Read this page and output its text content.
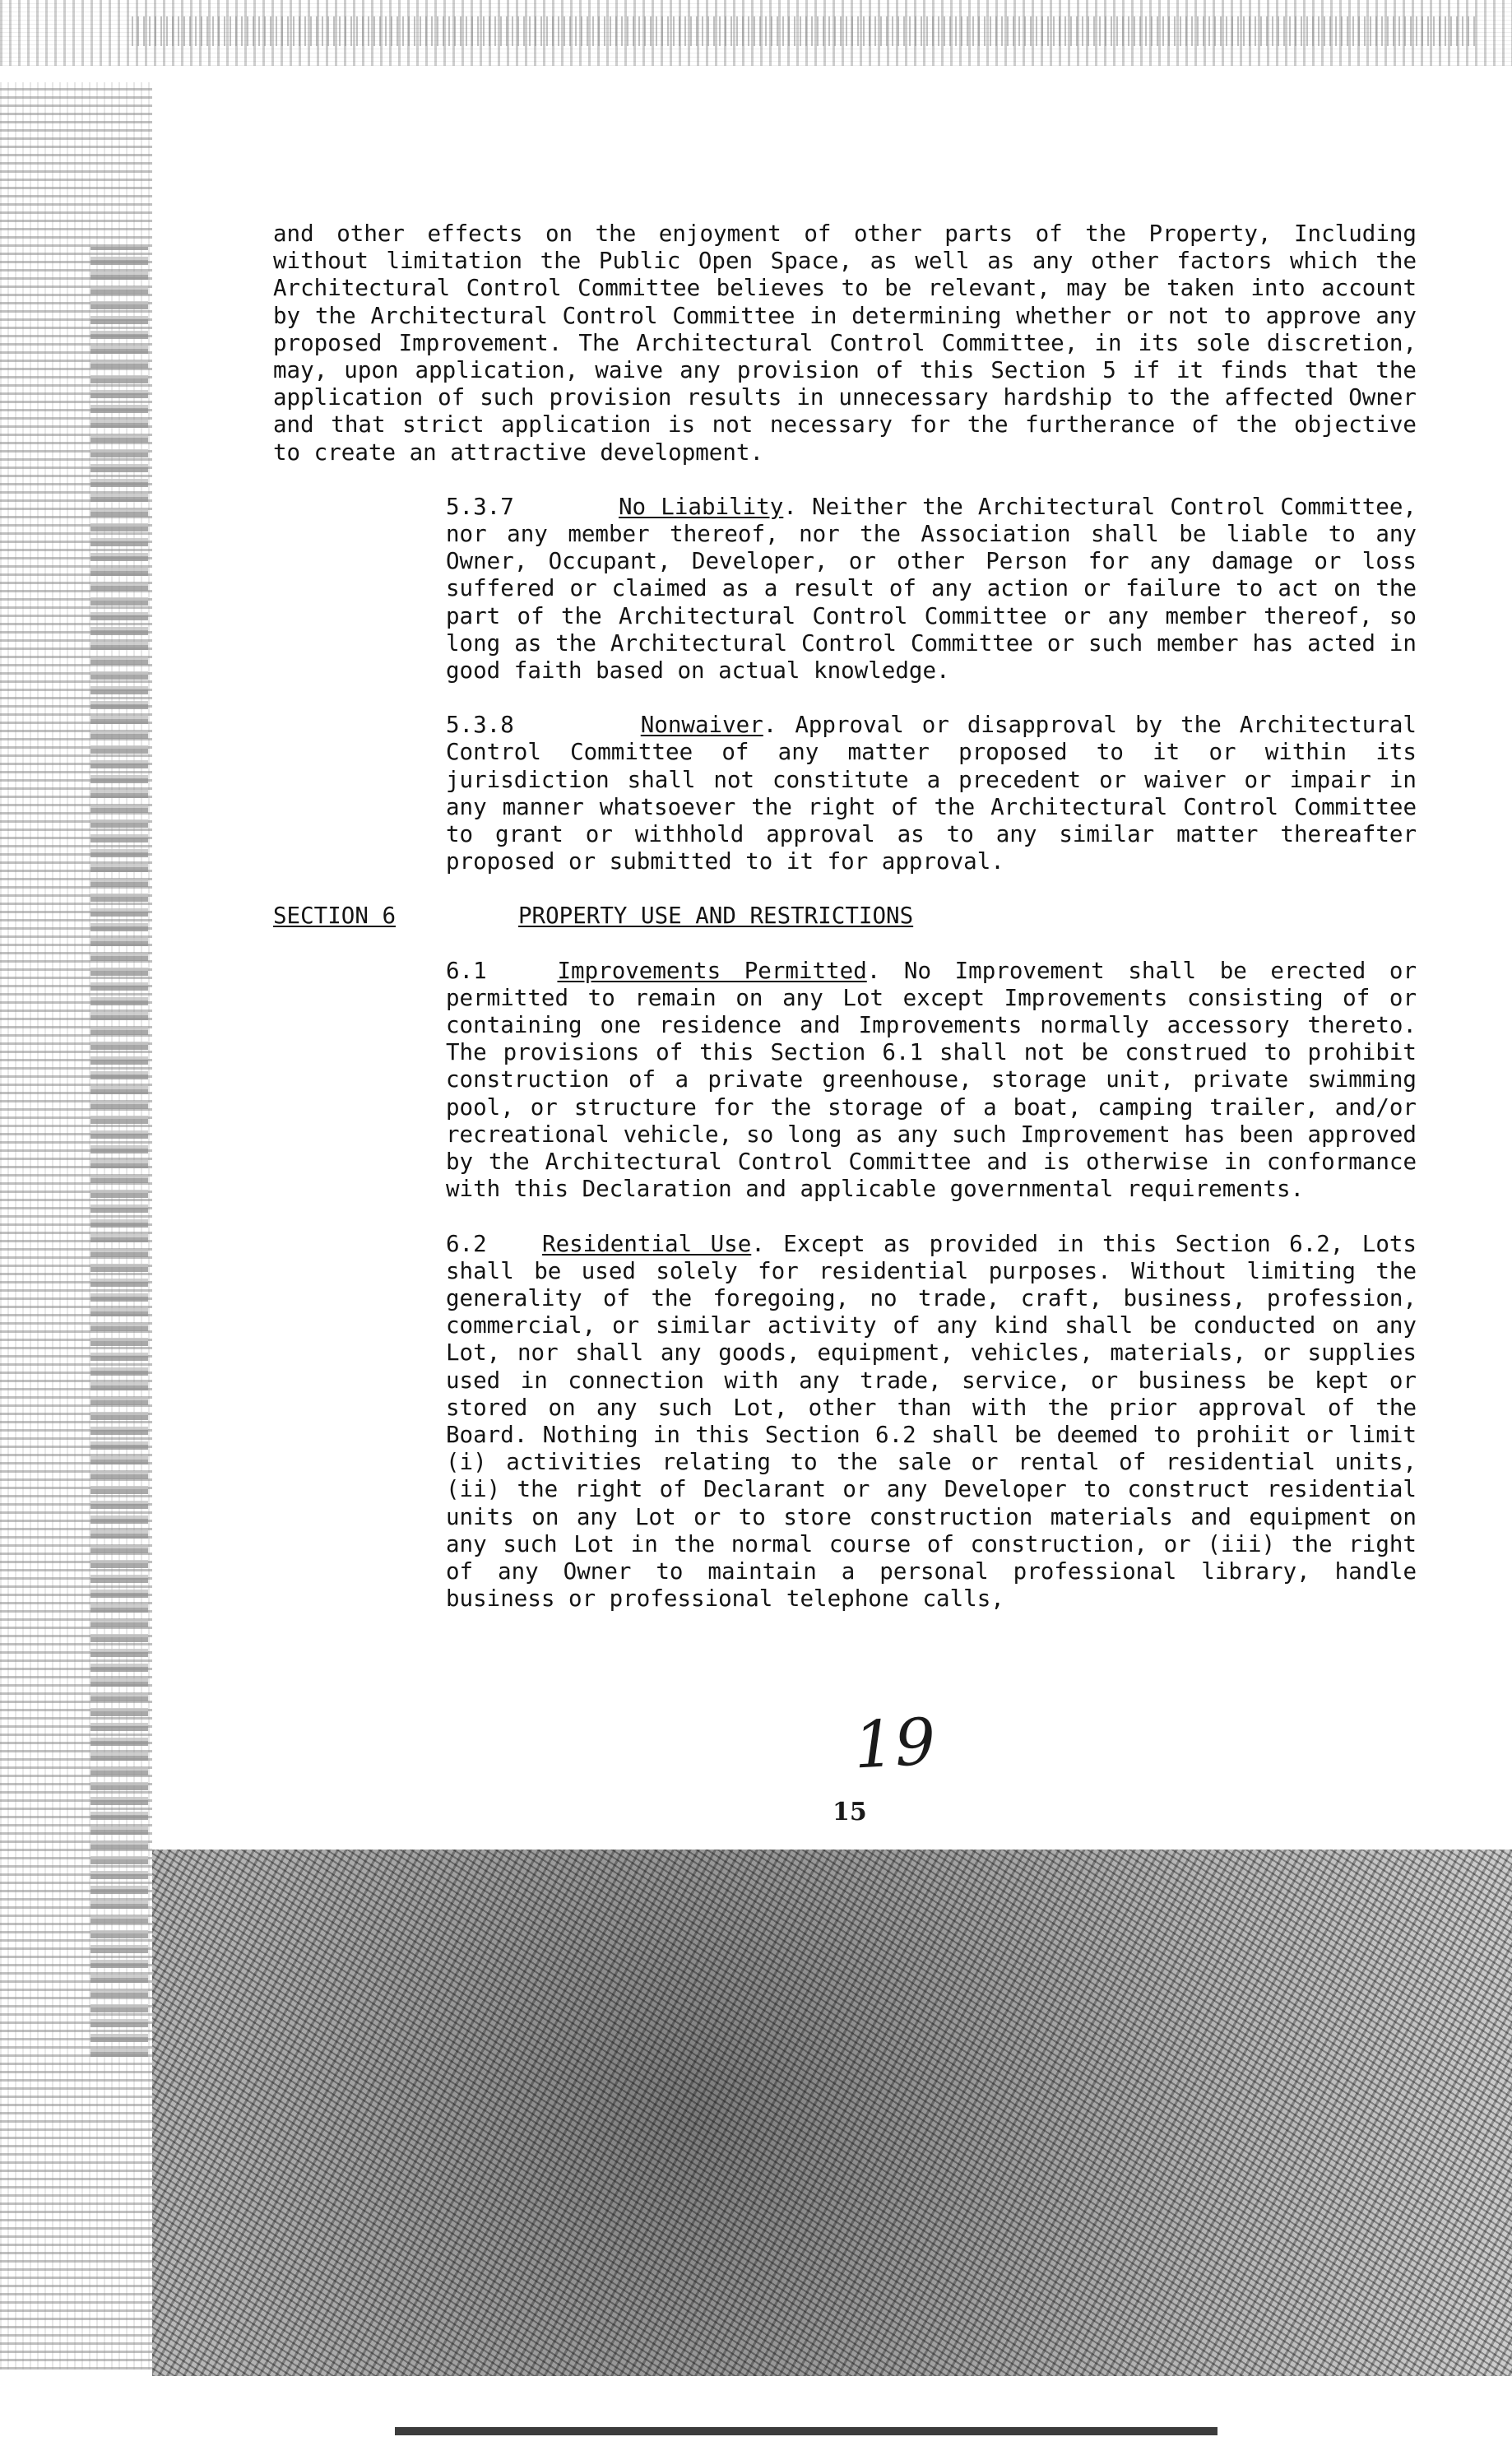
and other effects on the enjoyment of other parts of the Property, Including without limitation the Public Open Space, as well as any other factors which the Architectural Control Committee believes to be relevant, may be taken into account by the Architectural Control Committee in determining whether or not to approve any proposed Improvement. The Architectural Control Committee, in its sole discretion, may, upon application, waive any provision of this Section 5 if it finds that the application of such provision results in unnecessary hardship to the affected Owner and that strict application is not necessary for the furtherance of the objective to create an attractive development.

5.3.7	No Liability. Neither the Architectural Control Committee, nor any member thereof, nor the Association shall be liable to any Owner, Occupant, Developer, or other Person for any damage or loss suffered or claimed as a result of any action or failure to act on the part of the Architectural Control Committee or any member thereof, so long as the Architectural Control Committee or such member has acted in good faith based on actual knowledge.

5.3.8	Nonwaiver. Approval or disapproval by the Architectural Control Committee of any matter proposed to it or within its jurisdiction shall not constitute a precedent or waiver or impair in any manner whatsoever the right of the Architectural Control Committee to grant or withhold approval as to any similar matter thereafter proposed or submitted to it for approval.

SECTION 6	PROPERTY USE AND RESTRICTIONS

6.1	Improvements Permitted. No Improvement shall be erected or permitted to remain on any Lot except Improvements consisting of or containing one residence and Improvements normally accessory thereto. The provisions of this Section 6.1 shall not be construed to prohibit construction of a private greenhouse, storage unit, private swimming pool, or structure for the storage of a boat, camping trailer, and/or recreational vehicle, so long as any such Improvement has been approved by the Architectural Control Committee and is otherwise in conformance with this Declaration and applicable governmental requirements.

6.2 Residential Use. Except as provided in this Section 6.2, Lots shall be used solely for residential purposes. Without limiting the generality of the foregoing, no trade, craft, business, profession, commercial, or similar activity of any kind shall be conducted on any Lot, nor shall any goods, equipment, vehicles, materials, or supplies used in connection with any trade, service, or business be kept or stored on any such Lot, other than with the prior approval of the Board. Nothing in this Section 6.2 shall be deemed to prohiit or limit (i) activities relating to the sale or rental of residential units, (ii) the right of Declarant or any Developer to construct residential units on any Lot or to store construction materials and equipment on any such Lot in the normal course of construction, or (iii) the right of any Owner to maintain a personal professional library, handle business or professional telephone calls,

19
15
